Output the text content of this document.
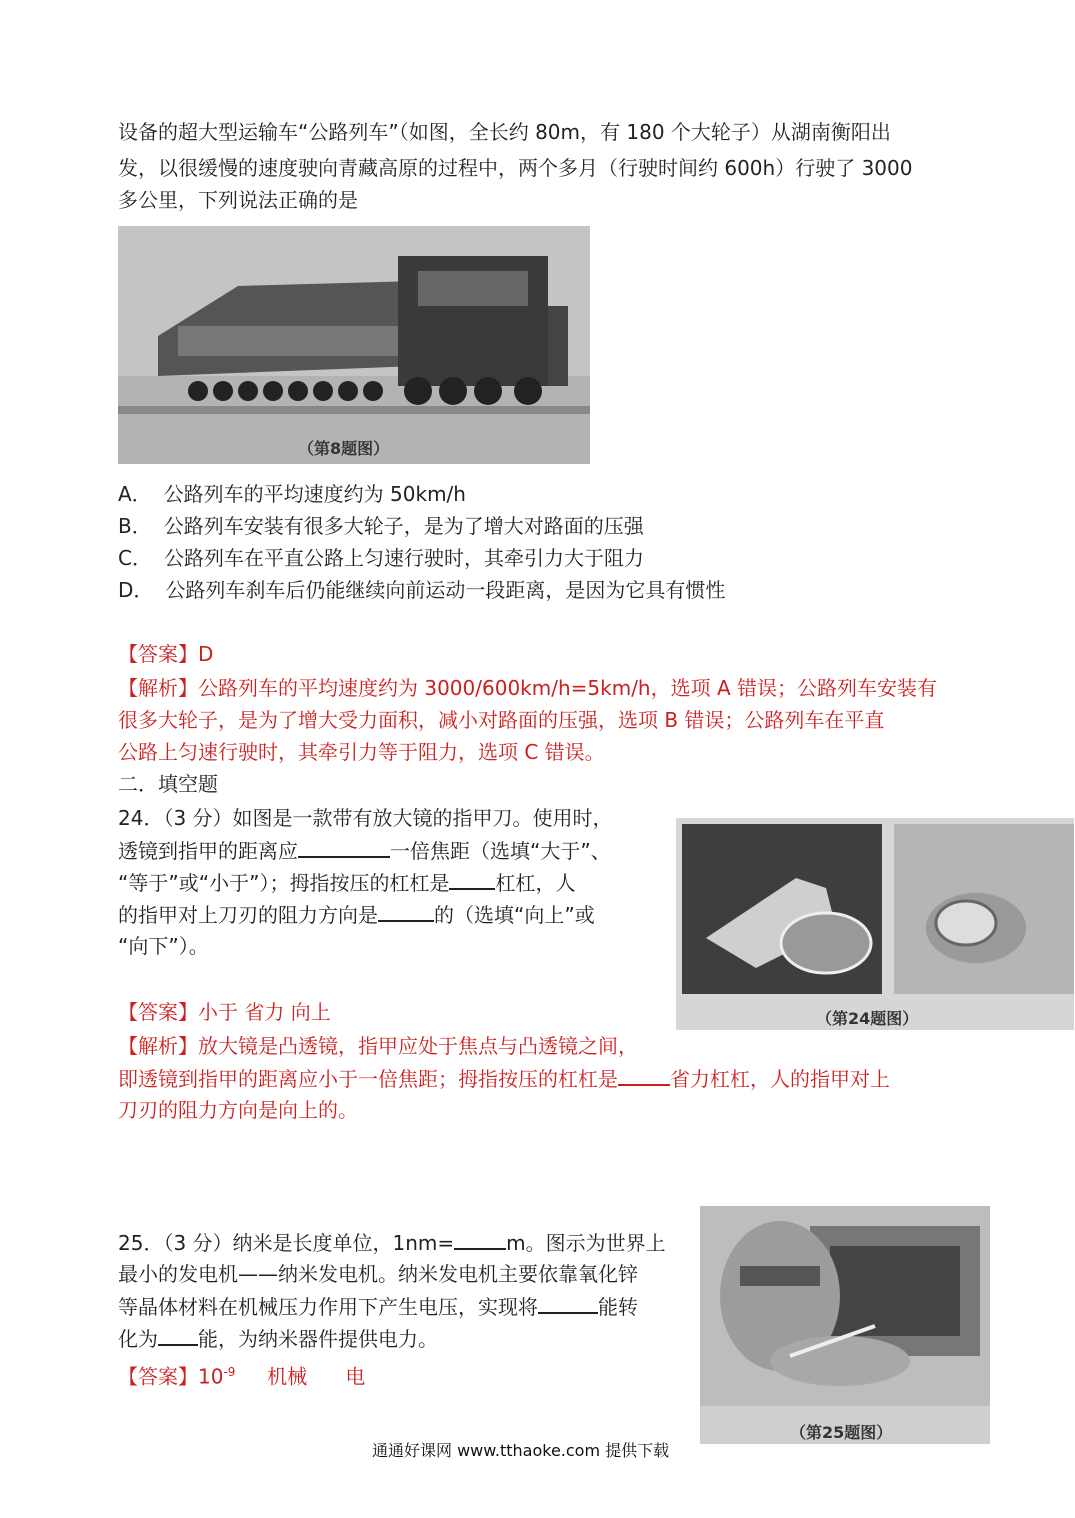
设备的超大型运输车“公路列车”（如图，全长约 80m，有 180 个大轮子）从湖南衡阳出
发，以很缓慢的速度驶向青藏高原的过程中，两个多月（行驶时间约 600h）行驶了 3000
多公里，下列说法正确的是
（第8题图）
A． 公路列车的平均速度约为 50km/h
B． 公路列车安装有很多大轮子，是为了增大对路面的压强
C． 公路列车在平直公路上匀速行驶时，其牵引力大于阻力
D． 公路列车刹车后仍能继续向前运动一段距离，是因为它具有惯性
【答案】D
【解析】公路列车的平均速度约为 3000/600km/h=5km/h，选项 A 错误；公路列车安装有
很多大轮子，是为了增大受力面积，减小对路面的压强，选项 B 错误；公路列车在平直
公路上匀速行驶时，其牵引力等于阻力，选项 C 错误。
二．填空题
24．（3 分）如图是一款带有放大镜的指甲刀。使用时，
透镜到指甲的距离应	一倍焦距（选填“大于”、
“等于”或“小于”）；拇指按压的杠杠是 杠杠，人
的指甲对上刀刃的阻力方向是	的（选填“向上”或
“向下”）。
（第24题图）
【答案】小于 省力 向上
【解析】放大镜是凸透镜，指甲应处于焦点与凸透镜之间，
即透镜到指甲的距离应小于一倍焦距；拇指按压的杠杠是	省力杠杠，人的指甲对上
刀刃的阻力方向是向上的。
25．（3 分）纳米是长度单位，1nm=	m。图示为世界上
最小的发电机——纳米发电机。纳米发电机主要依靠氧化锌
等晶体材料在机械压力作用下产生电压，实现将	能转
化为 能，为纳米器件提供电力。
【答案】$10^{-9}$     机械      电
（第25题图）
通通好课网 www.tthaoke.com 提供下载
